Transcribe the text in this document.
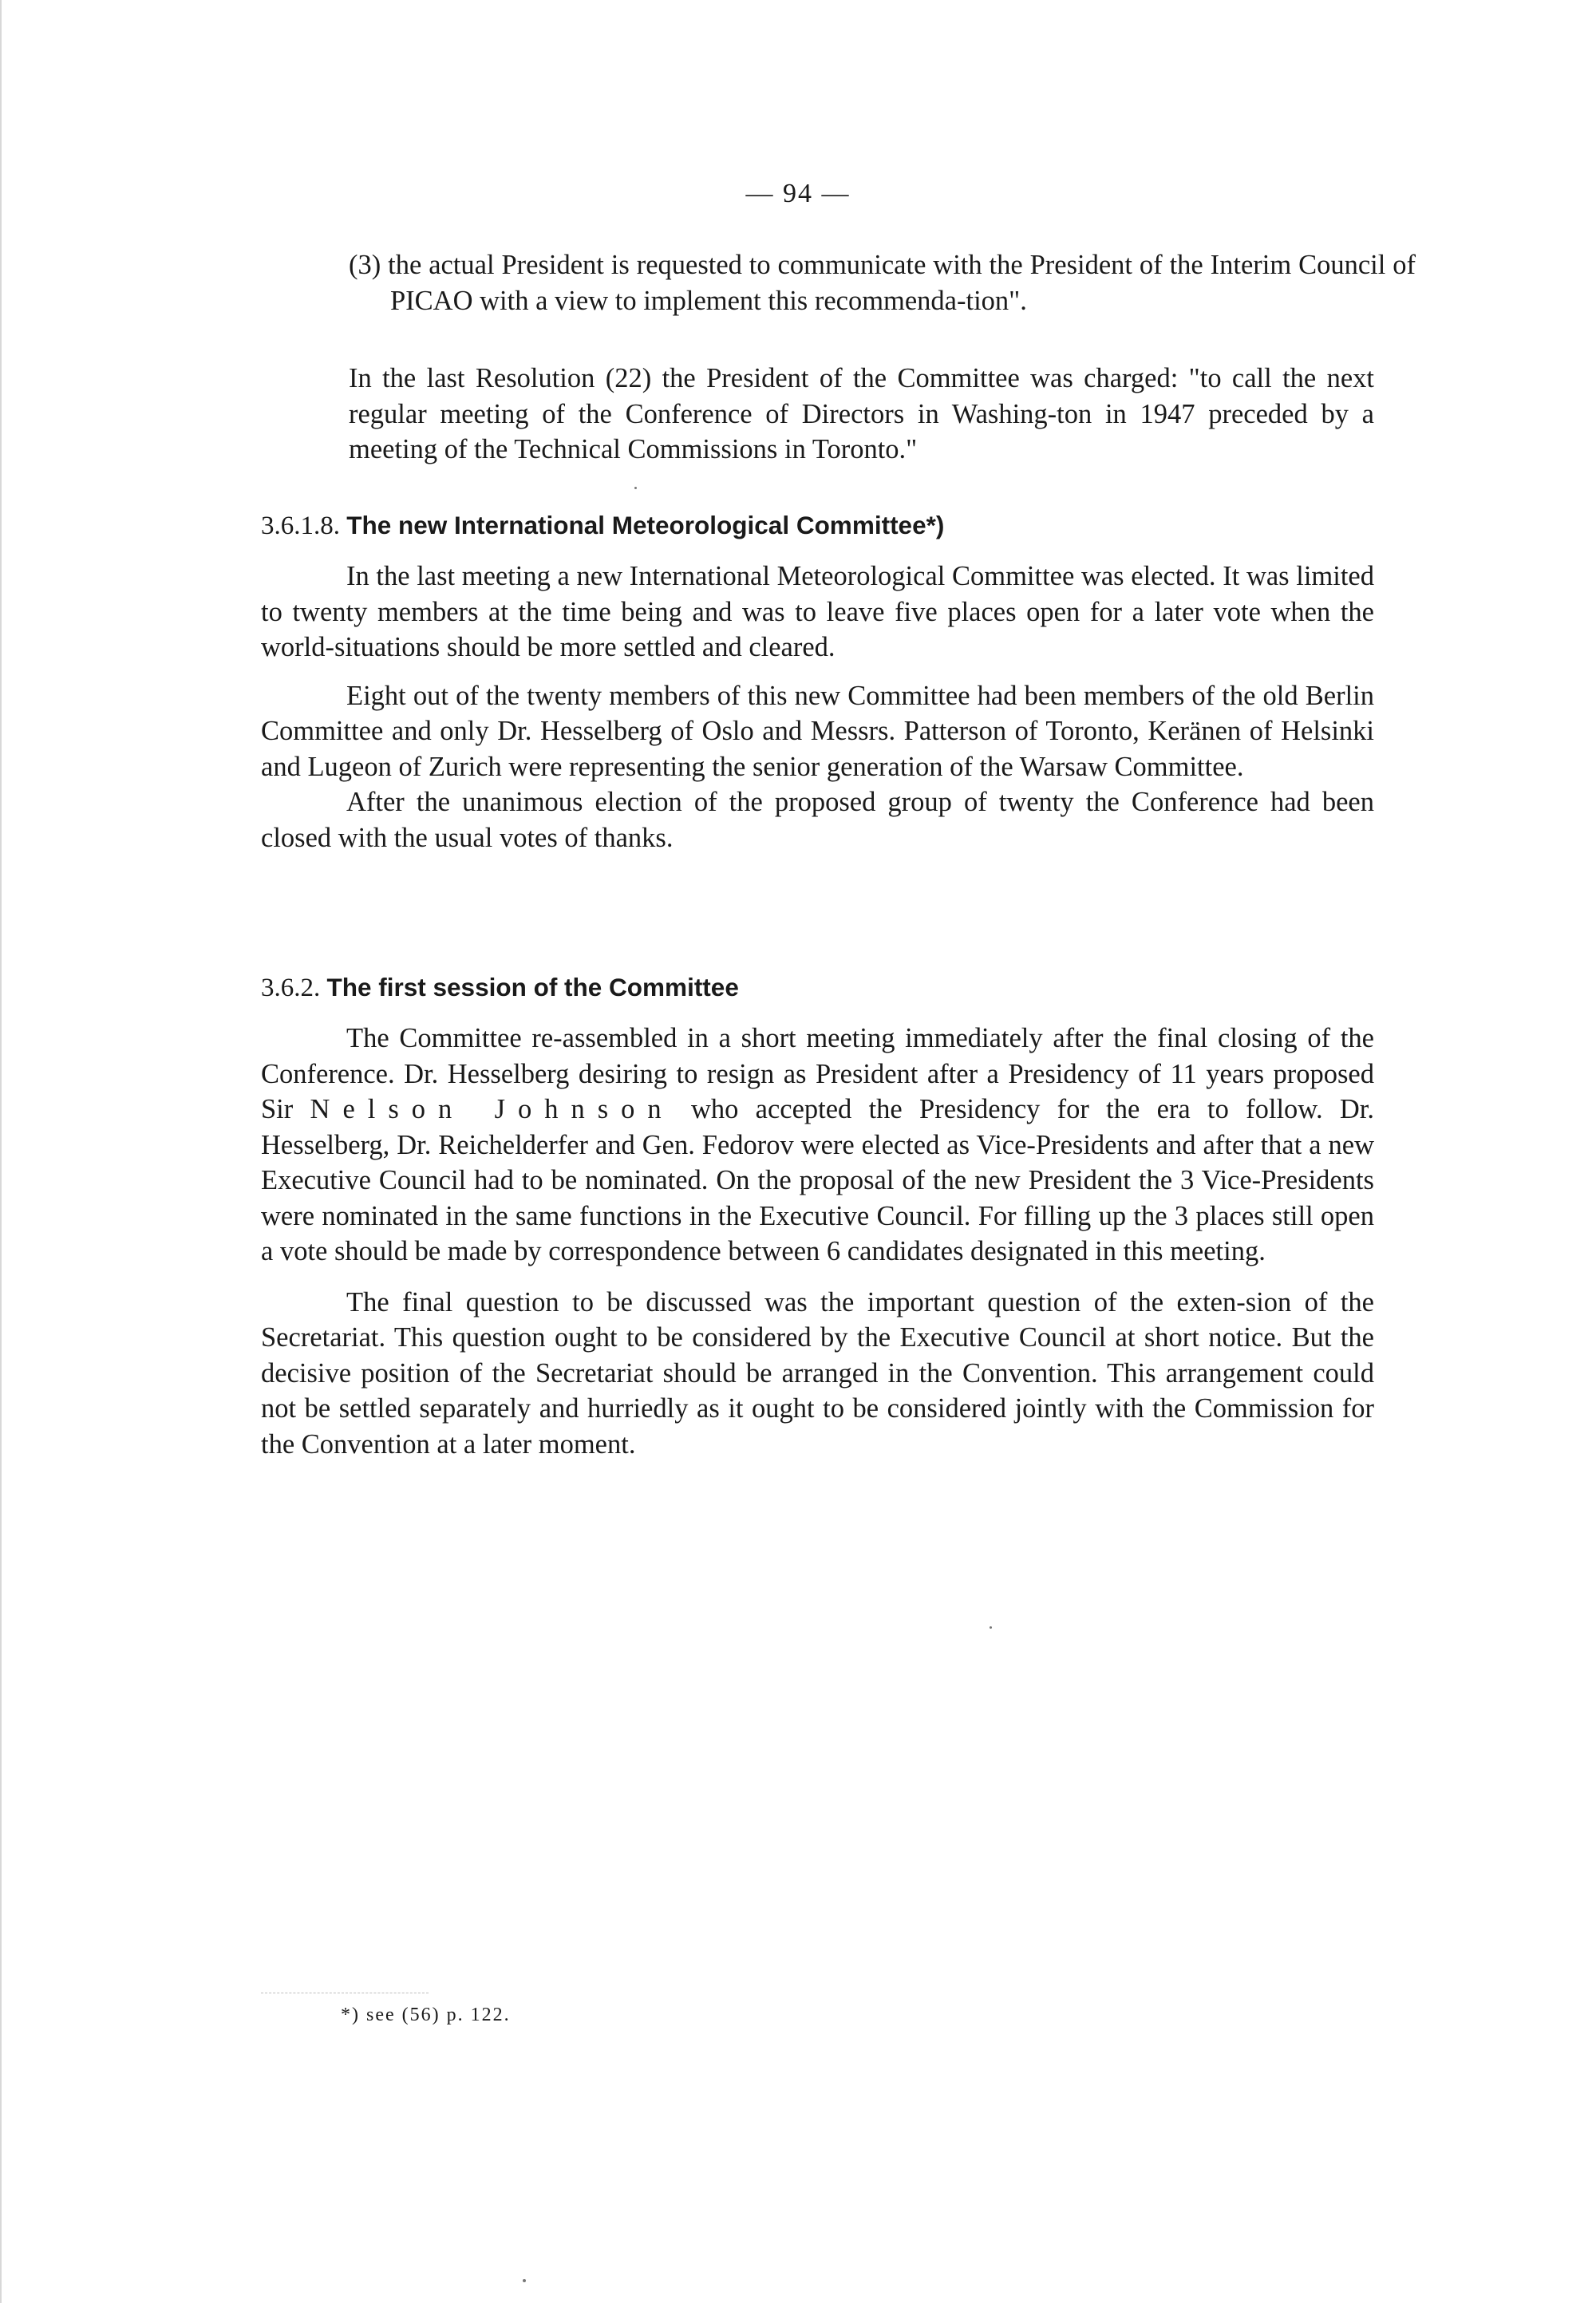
— 94 —
(3) the actual President is requested to communicate with the President of the Interim Council of PICAO with a view to implement this recommenda-tion".
In the last Resolution (22) the President of the Committee was charged: "to call the next regular meeting of the Conference of Directors in Washing-ton in 1947 preceded by a meeting of the Technical Commissions in Toronto."
3.6.1.8. The new International Meteorological Committee*)
In the last meeting a new International Meteorological Committee was elected. It was limited to twenty members at the time being and was to leave five places open for a later vote when the world-situations should be more settled and cleared.
Eight out of the twenty members of this new Committee had been members of the old Berlin Committee and only Dr. Hesselberg of Oslo and Messrs. Patterson of Toronto, Keränen of Helsinki and Lugeon of Zurich were representing the senior generation of the Warsaw Committee.
After the unanimous election of the proposed group of twenty the Conference had been closed with the usual votes of thanks.
3.6.2. The first session of the Committee
The Committee re-assembled in a short meeting immediately after the final closing of the Conference. Dr. Hesselberg desiring to resign as President after a Presidency of 11 years proposed Sir Nelson Johnson who accepted the Presidency for the era to follow. Dr. Hesselberg, Dr. Reichelderfer and Gen. Fedorov were elected as Vice-Presidents and after that a new Executive Council had to be nominated. On the proposal of the new President the 3 Vice-Presidents were nominated in the same functions in the Executive Council. For filling up the 3 places still open a vote should be made by correspondence between 6 candidates designated in this meeting.
The final question to be discussed was the important question of the exten-sion of the Secretariat. This question ought to be considered by the Executive Council at short notice. But the decisive position of the Secretariat should be arranged in the Convention. This arrangement could not be settled separately and hurriedly as it ought to be considered jointly with the Commission for the Convention at a later moment.
*) see (56) p. 122.
